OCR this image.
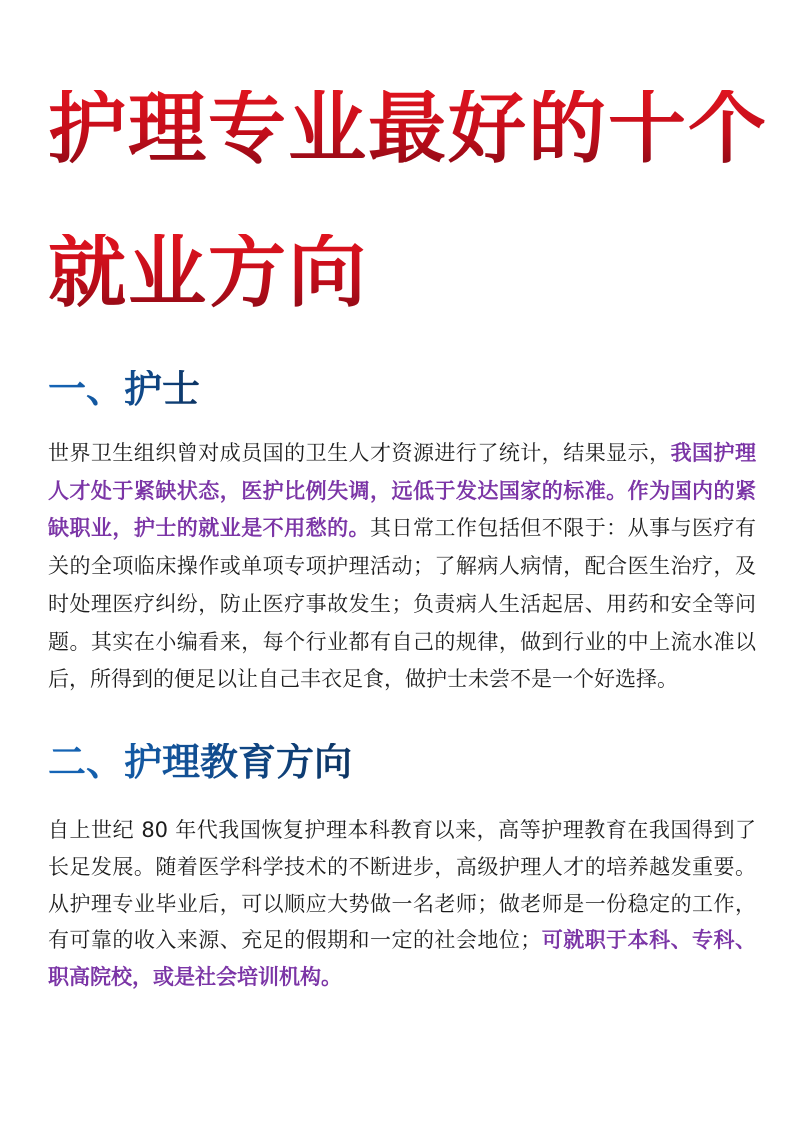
护理专业最好的十个
就业方向
一、护士

世界卫生组织曾对成员国的卫生人才资源进行了统计，结果显示，我国护理人才处于紧缺状态，医护比例失调，远低于发达国家的标准。作为国内的紧缺职业，护士的就业是不用愁的。其日常工作包括但不限于：从事与医疗有关的全项临床操作或单项专项护理活动；了解病人病情，配合医生治疗，及时处理医疗纠纷，防止医疗事故发生；负责病人生活起居、用药和安全等问题。其实在小编看来，每个行业都有自己的规律，做到行业的中上流水准以后，所得到的便足以让自己丰衣足食，做护士未尝不是一个好选择。

二、护理教育方向

自上世纪 80 年代我国恢复护理本科教育以来，高等护理教育在我国得到了长足发展。随着医学科学技术的不断进步，高级护理人才的培养越发重要。从护理专业毕业后，可以顺应大势做一名老师；做老师是一份稳定的工作，有可靠的收入来源、充足的假期和一定的社会地位；可就职于本科、专科、职高院校，或是社会培训机构。
